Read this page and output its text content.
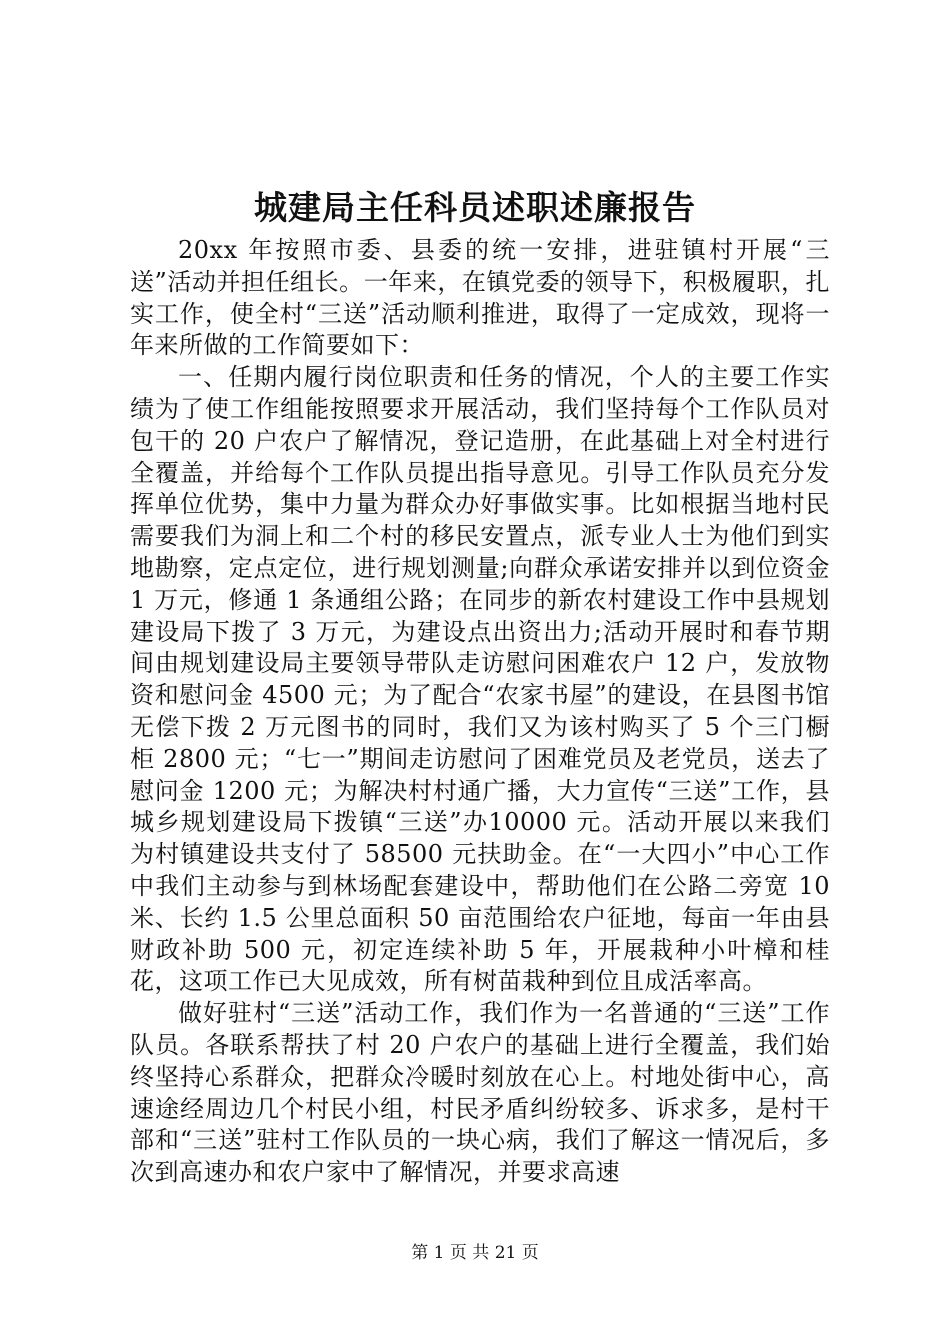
城建局主任科员述职述廉报告

20xx 年按照市委、县委的统一安排，进驻镇村开展“三送”活动并担任组长。一年来，在镇党委的领导下，积极履职，扎实工作，使全村“三送”活动顺利推进，取得了一定成效，现将一年来所做的工作简要如下：

一、任期内履行岗位职责和任务的情况，个人的主要工作实绩为了使工作组能按照要求开展活动，我们坚持每个工作队员对包干的 20 户农户了解情况，登记造册，在此基础上对全村进行全覆盖，并给每个工作队员提出指导意见。引导工作队员充分发挥单位优势，集中力量为群众办好事做实事。比如根据当地村民需要我们为洞上和二个村的移民安置点，派专业人士为他们到实地勘察，定点定位，进行规划测量;向群众承诺安排并以到位资金 1 万元，修通 1 条通组公路；在同步的新农村建设工作中县规划建设局下拨了 3 万元，为建设点出资出力;活动开展时和春节期间由规划建设局主要领导带队走访慰问困难农户 12 户，发放物资和慰问金 4500 元；为了配合“农家书屋”的建设，在县图书馆无偿下拨 2 万元图书的同时，我们又为该村购买了 5 个三门橱柜 2800 元；“七一”期间走访慰问了困难党员及老党员，送去了慰问金 1200 元；为解决村村通广播，大力宣传“三送”工作，县城乡规划建设局下拨镇“三送”办10000 元。活动开展以来我们为村镇建设共支付了 58500 元扶助金。在“一大四小”中心工作中我们主动参与到林场配套建设中，帮助他们在公路二旁宽 10 米、长约 1.5 公里总面积 50 亩范围给农户征地，每亩一年由县财政补助 500 元，初定连续补助 5 年，开展栽种小叶樟和桂花，这项工作已大见成效，所有树苗栽种到位且成活率高。

做好驻村“三送”活动工作，我们作为一名普通的“三送”工作队员。各联系帮扶了村 20 户农户的基础上进行全覆盖，我们始终坚持心系群众，把群众冷暖时刻放在心上。村地处街中心，高速途经周边几个村民小组，村民矛盾纠纷较多、诉求多，是村干部和“三送”驻村工作队员的一块心病，我们了解这一情况后，多次到高速办和农户家中了解情况，并要求高速

第 1 页 共 21 页
